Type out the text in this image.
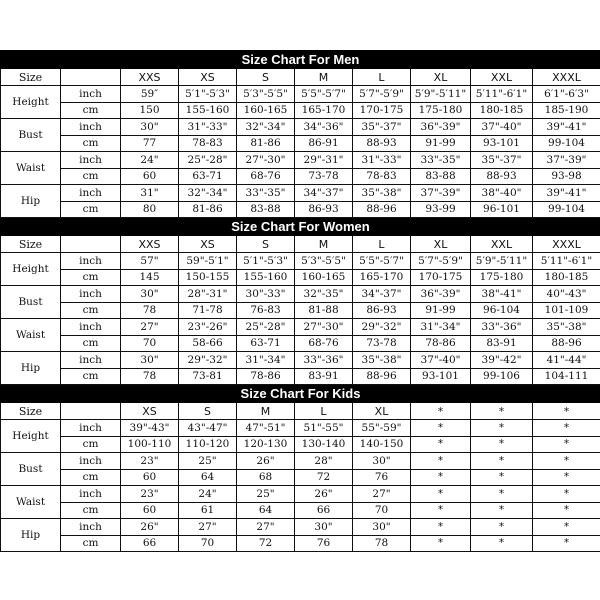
Size Chart For Men									
Size		XXS	XS	S	M	L	XL	XXL	XXXL
Height	inch	59″	5′1"-5′3"	5′3"-5′5"	5′5"-5′7"	5′7"-5′9"	5′9"-5′11"	5′11"-6′1"	6′1"-6′3"
	cm	150	155-160	160-165	165-170	170-175	175-180	180-185	185-190
Bust	inch	30"	31"-33"	32"-34"	34"-36"	35"-37"	36"-39"	37"-40"	39"-41"
	cm	77	78-83	81-86	86-91	88-93	91-99	93-101	99-104
Waist	inch	24"	25"-28"	27"-30"	29"-31"	31"-33"	33"-35"	35"-37"	37"-39"
	cm	60	63-71	68-76	73-78	78-83	83-88	88-93	93-98
Hip	inch	31"	32"-34"	33"-35"	34"-37"	35"-38"	37"-39"	38"-40"	39"-41"
	cm	80	81-86	83-88	86-93	88-96	93-99	96-101	99-104
Size Chart For Women									
Size		XXS	XS	S	M	L	XL	XXL	XXXL
Height	inch	57"	59"-5′1"	5′1"-5′3"	5′3"-5′5"	5′5"-5′7"	5′7"-5′9"	5′9"-5′11"	5′11"-6′1"
	cm	145	150-155	155-160	160-165	165-170	170-175	175-180	180-185
Bust	inch	30"	28"-31"	30"-33"	32"-35"	34"-37"	36"-39"	38"-41"	40"-43"
	cm	78	71-78	76-83	81-88	86-93	91-99	96-104	101-109
Waist	inch	27"	23"-26"	25"-28"	27"-30"	29"-32"	31"-34"	33"-36"	35"-38"
	cm	70	58-66	63-71	68-76	73-78	78-86	83-91	88-96
Hip	inch	30"	29"-32"	31"-34"	33"-36"	35"-38"	37"-40"	39"-42"	41"-44"
	cm	78	73-81	78-86	83-91	88-96	93-101	99-106	104-111
Size Chart For Kids									
Size		XS	S	M	L	XL	*	*	*
Height	inch	39"-43"	43"-47"	47"-51"	51"-55"	55"-59"	*	*	*
	cm	100-110	110-120	120-130	130-140	140-150	*	*	*
Bust	inch	23"	25"	26"	28"	30"	*	*	*
	cm	60	64	68	72	76	*	*	*
Waist	inch	23"	24"	25"	26"	27"	*	*	*
	cm	60	61	64	66	70	*	*	*
Hip	inch	26"	27"	27"	30"	30"	*	*	*
	cm	66	70	72	76	78	*	*	*
